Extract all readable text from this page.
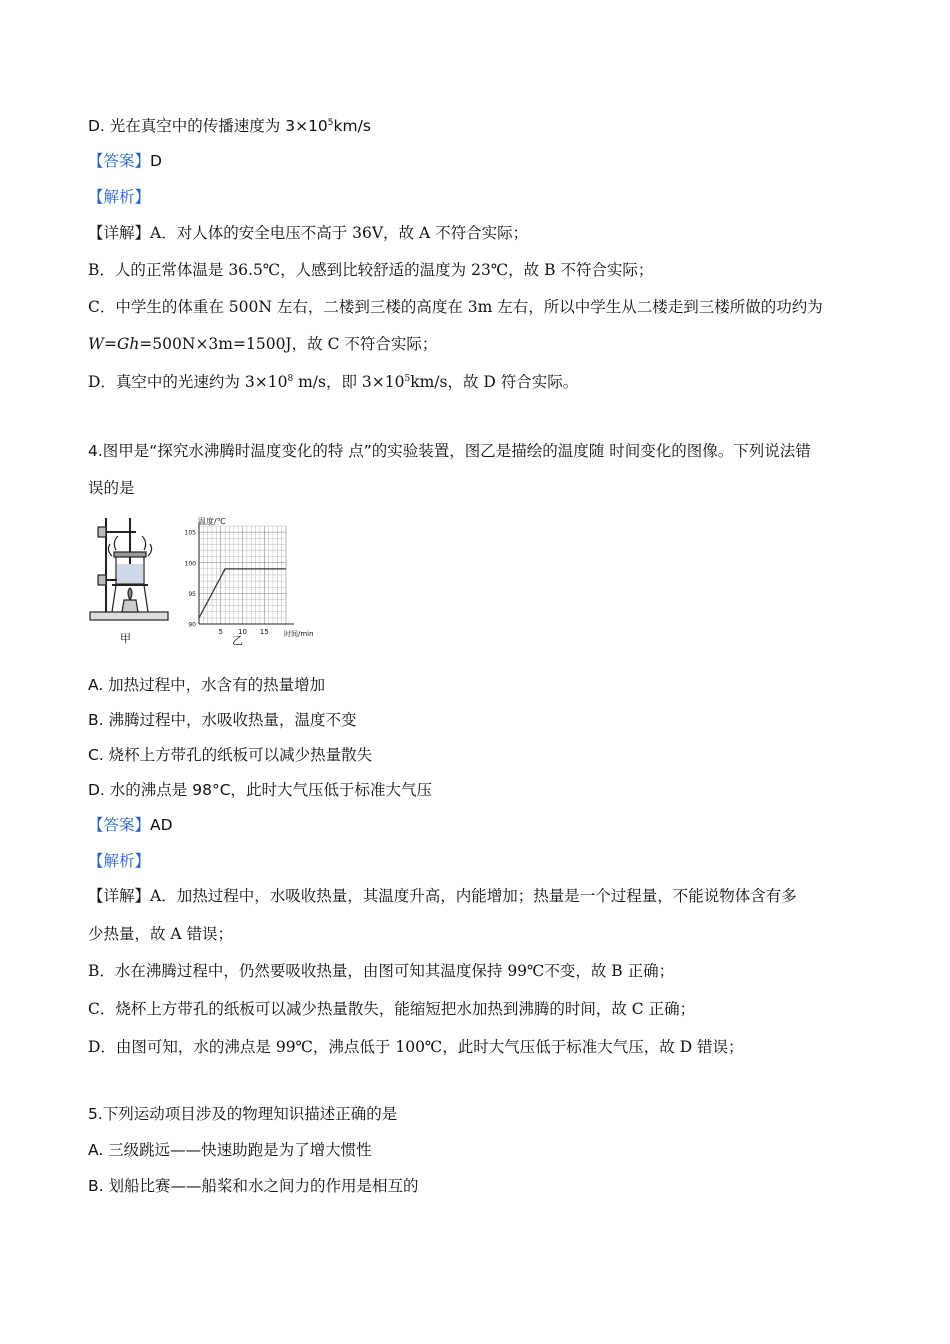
D. 光在真空中的传播速度为 $3\times 10^5km/s$
【答案】D
【解析】
【详解】A．对人体的安全电压不高于 36V，故 A 不符合实际；
B．人的正常体温是 36.5℃，人感到比较舒适的温度为 23℃，故 B 不符合实际；
C．中学生的体重在 500N 左右，二楼到三楼的高度在 3m 左右，所以中学生从二楼走到三楼所做的功约为
W=Gh=500N×3m=1500J，故 C 不符合实际；
D．真空中的光速约为 $3\times 10^8$ m/s，即 $3\times 10^5km/s$，故 D 符合实际。
4.图甲是“探究水沸腾时温度变化的特 点”的实验装置，图乙是描绘的温度随 时间变化的图像。下列说法错
误的是
甲
温度/℃
90
95
100
105
5 10 15 时间/min
乙
A. 加热过程中，水含有的热量增加
B. 沸腾过程中，水吸收热量，温度不变
C. 烧杯上方带孔的纸板可以减少热量散失
D. 水的沸点是 98°C，此时大气压低于标准大气压
【答案】AD
【解析】
【详解】A．加热过程中，水吸收热量，其温度升高，内能增加；热量是一个过程量，不能说物体含有多
少热量，故 A 错误；
B．水在沸腾过程中，仍然要吸收热量，由图可知其温度保持 99℃不变，故 B 正确；
C．烧杯上方带孔的纸板可以减少热量散失，能缩短把水加热到沸腾的时间，故 C 正确；
D．由图可知，水的沸点是 99℃，沸点低于 100℃，此时大气压低于标准大气压，故 D 错误；
5.下列运动项目涉及的物理知识描述正确的是
A. 三级跳远——快速助跑是为了增大惯性
B. 划船比赛——船桨和水之间力的作用是相互的
